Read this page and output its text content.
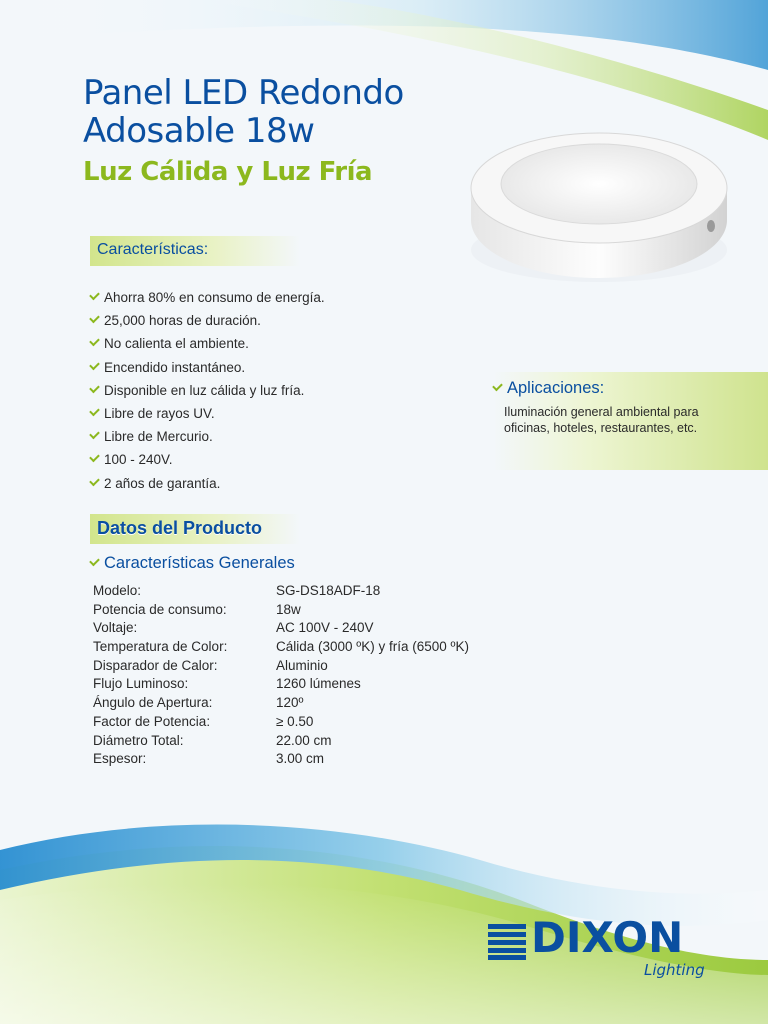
Panel LED Redondo
Adosable 18w
Luz Cálida y Luz Fría
Características:
Ahorra 80% en consumo de energía.
25,000 horas de duración.
No calienta el ambiente.
Encendido instantáneo.
Disponible en luz cálida y luz fría.
Libre de rayos UV.
Libre de Mercurio.
100 - 240V.
2 años de garantía.
Aplicaciones:
Iluminación general ambiental para oficinas, hoteles, restaurantes, etc.
Datos del Producto
Características Generales
Modelo:	SG-DS18ADF-18
Potencia de consumo:	18w
Voltaje:	AC 100V - 240V
Temperatura de Color:	Cálida (3000 ºK) y fría (6500 ºK)
Disparador de Calor:	Aluminio
Flujo Luminoso:	1260 lúmenes
Ángulo de Apertura:	120º
Factor de Potencia:	≥ 0.50
Diámetro Total:	22.00 cm
Espesor:	3.00 cm
DIXON
Lighting
